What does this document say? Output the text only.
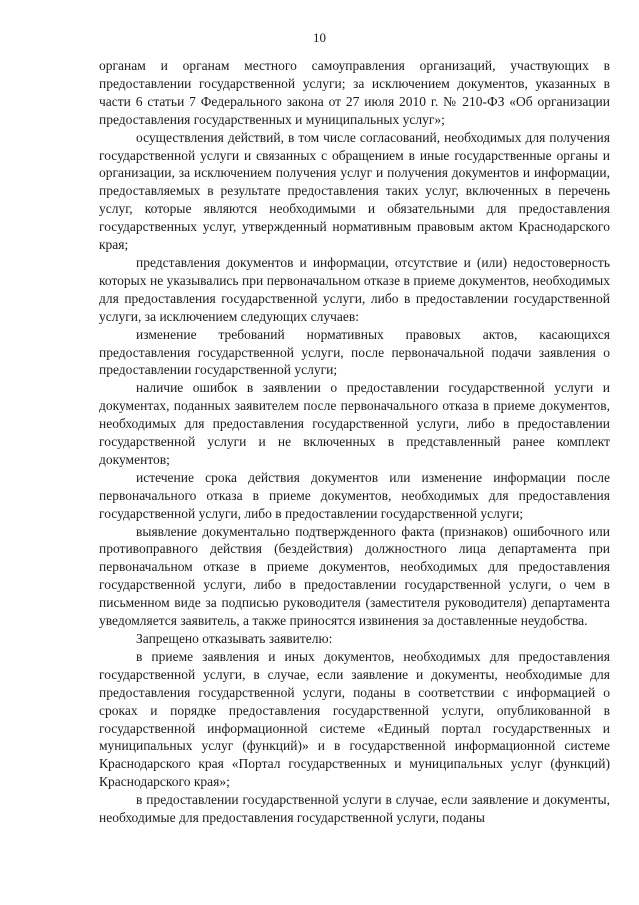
10

органам и органам местного самоуправления организаций, участвующих в предоставлении государственной услуги; за исключением документов, указанных в части 6 статьи 7 Федерального закона от 27 июля 2010 г. № 210-ФЗ «Об организации предоставления государственных и муниципальных услуг»;

осуществления действий, в том числе согласований, необходимых для получения государственной услуги и связанных с обращением в иные государственные органы и организации, за исключением получения услуг и получения документов и информации, предоставляемых в результате предоставления таких услуг, включенных в перечень услуг, которые являются необходимыми и обязательными для предоставления государственных услуг, утвержденный нормативным правовым актом Краснодарского края;

представления документов и информации, отсутствие и (или) недостоверность которых не указывались при первоначальном отказе в приеме документов, необходимых для предоставления государственной услуги, либо в предоставлении государственной услуги, за исключением следующих случаев:

изменение требований нормативных правовых актов, касающихся предоставления государственной услуги, после первоначальной подачи заявления о предоставлении государственной услуги;

наличие ошибок в заявлении о предоставлении государственной услуги и документах, поданных заявителем после первоначального отказа в приеме документов, необходимых для предоставления государственной услуги, либо в предоставлении государственной услуги и не включенных в представленный ранее комплект документов;

истечение срока действия документов или изменение информации после первоначального отказа в приеме документов, необходимых для предоставления государственной услуги, либо в предоставлении государственной услуги;

выявление документально подтвержденного факта (признаков) ошибочного или противоправного действия (бездействия) должностного лица департамента при первоначальном отказе в приеме документов, необходимых для предоставления государственной услуги, либо в предоставлении государственной услуги, о чем в письменном виде за подписью руководителя (заместителя руководителя) департамента уведомляется заявитель, а также приносятся извинения за доставленные неудобства.

Запрещено отказывать заявителю:

в приеме заявления и иных документов, необходимых для предоставления государственной услуги, в случае, если заявление и документы, необходимые для предоставления государственной услуги, поданы в соответствии с информацией о сроках и порядке предоставления государственной услуги, опубликованной в государственной информационной системе «Единый портал государственных и муниципальных услуг (функций)» и в государственной информационной системе Краснодарского края «Портал государственных и муниципальных услуг (функций) Краснодарского края»;

в предоставлении государственной услуги в случае, если заявление и документы, необходимые для предоставления государственной услуги, поданы
